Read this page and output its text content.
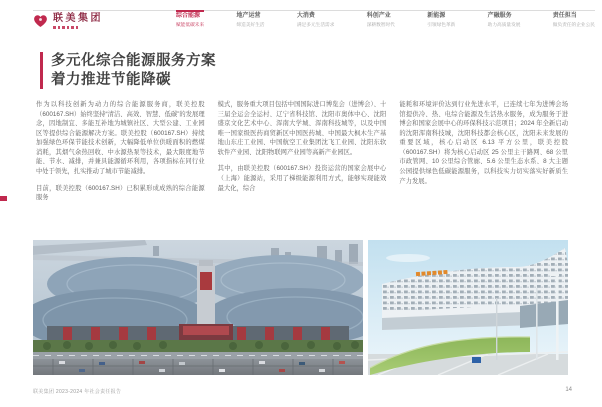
联美集团	综合能源
赋能低碳未来
地产运营
缔造美好生活
大消费
满足多元生活需求
科创产业
深耕数智时代
新能源
引领绿色革新
产融服务
助力高质量发展
责任担当
做负责任的企业公民
多元化综合能源服务方案
着力推进节能降碳

作为以科技创新为动力的综合能源服务商，联美控股（600167.SH）始终坚持“清洁、高效、智慧、低碳”的发展理念，因地制宜、多能互补地为城镇社区、大型公建、工业园区等提供综合能源解决方案。联美控股（600167.SH）持续加强绿色环保节能技术创新，大幅降低单位供暖面积的燃煤消耗，其烟气余热回收、中水源热泵等技术，最大限度地节能、节水、减排，并兼具能源循环利用，各项指标在同行业中处于领先，扎实推动了城市节能减排。

目前，联美控股（600167.SH）已积累形成成熟的综合能源服务

模式，服务重大项目包括中国国际进口博览会（进博会）、十三届全运会全运村、辽宁省科技馆、沈阳市奥体中心、沈阳盛京文化艺术中心、浑南大学城、浑南科技城等，以及中国唯一国家级医药商贸新区中国医药城、中国最大枫木生产基地山东庄工业园、中国航空工业集团沈飞工业园、沈阳东软软件产业园、沈阳物联网产业园等高新产业园区。

其中，由联美控股（600167.SH）投资运营的国家会展中心（上海）能源站，采用了梯级能源利用方式，能够实现能效最大化，综合

能耗和环境评价达到行业先进水平，已连续七年为进博会场馆提供冷、热、电综合能源及生活热水服务，成为服务于进博会和国家会展中心的环保科技示范项目；2024 年全新启动的沈阳浑南科技城，沈阳科技都会核心区，沈阳未来发展的重要区域，核心启动区 6.13 平方公里，联美控股（600167.SH）将为核心启动区 25 公里主干路网、68 公里市政管网、10 公里综合管廊、5.6 公里生态水系、8 大主题公园提供绿色低碳能源服务，以科技实力切实落实好新质生产力发展。

联美集团 2023-2024 年社会责任报告	14
